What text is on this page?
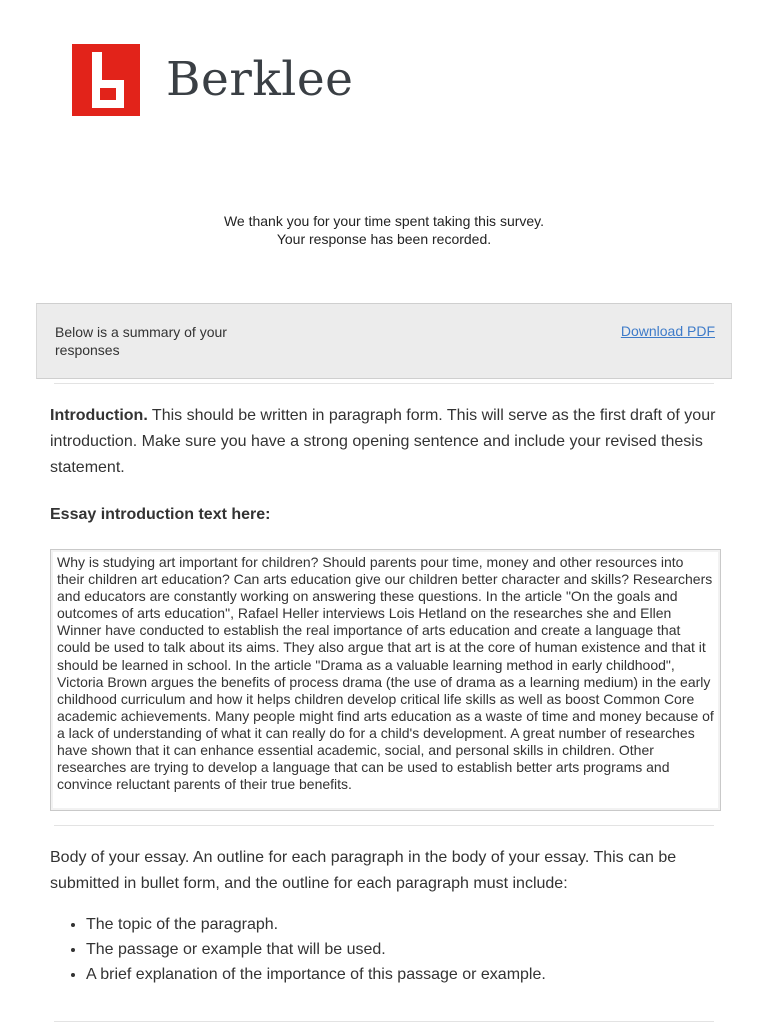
Berklee
We thank you for your time spent taking this survey.
Your response has been recorded.
Below is a summary of your responses
Download PDF
Introduction. This should be written in paragraph form. This will serve as the first draft of your introduction. Make sure you have a strong opening sentence and include your revised thesis statement.
Essay introduction text here:
Why is studying art important for children? Should parents pour time, money and other resources into their children art education? Can arts education give our children better character and skills? Researchers and educators are constantly working on answering these questions. In the article "On the goals and outcomes of arts education", Rafael Heller interviews Lois Hetland on the researches she and Ellen Winner have conducted to establish the real importance of arts education and create a language that could be used to talk about its aims. They also argue that art is at the core of human existence and that it should be learned in school. In the article "Drama as a valuable learning method in early childhood", Victoria Brown argues the benefits of process drama (the use of drama as a learning medium) in the early childhood curriculum and how it helps children develop critical life skills as well as boost Common Core academic achievements. Many people might find arts education as a waste of time and money because of a lack of understanding of what it can really do for a child's development. A great number of researches have shown that it can enhance essential academic, social, and personal skills in children. Other researches are trying to develop a language that can be used to establish better arts programs and convince reluctant parents of their true benefits.
Body of your essay. An outline for each paragraph in the body of your essay. This can be submitted in bullet form, and the outline for each paragraph must include:
• The topic of the paragraph.
• The passage or example that will be used.
• A brief explanation of the importance of this passage or example.
